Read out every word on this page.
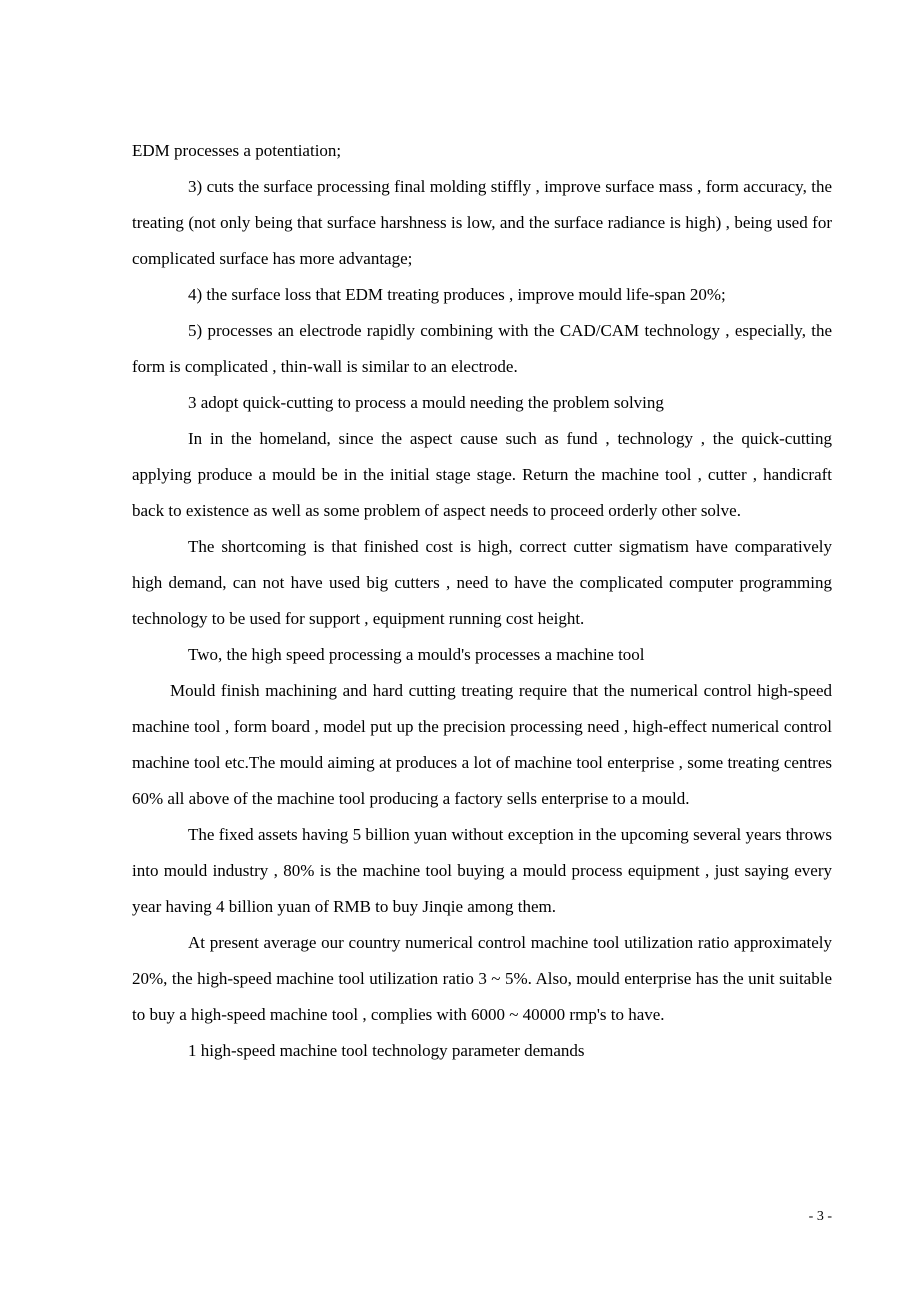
EDM processes a potentiation;

3) cuts the surface processing final molding stiffly , improve surface mass , form accuracy, the treating (not only being that surface harshness is low, and the surface radiance is high) , being used for complicated surface has more advantage;

4) the surface loss that EDM treating produces , improve mould life-span 20%;

5) processes an electrode rapidly combining with the CAD/CAM technology , especially, the form is complicated , thin-wall is similar to an electrode.

3 adopt quick-cutting to process a mould needing the problem solving

In in the homeland, since the aspect cause such as fund , technology , the quick-cutting applying produce a mould be in the initial stage stage. Return the machine tool , cutter , handicraft back to existence as well as some problem of aspect needs to proceed orderly other solve.

The shortcoming is that finished cost is high, correct cutter sigmatism have comparatively high demand, can not have used big cutters , need to have the complicated computer programming technology to be used for support , equipment running cost height.

Two, the high speed processing a mould's processes a machine tool

Mould finish machining and hard cutting treating require that the numerical control high-speed machine tool , form board , model put up the precision processing need , high-effect numerical control machine tool etc.The mould aiming at produces a lot of machine tool enterprise , some treating centres 60% all above of the machine tool producing a factory sells enterprise to a mould.

The fixed assets having 5 billion yuan without exception in the upcoming several years throws into mould industry , 80% is the machine tool buying a mould process equipment , just saying every year having 4 billion yuan of RMB to buy Jinqie among them.

At present average our country numerical control machine tool utilization ratio approximately 20%, the high-speed machine tool utilization ratio 3 ~ 5%. Also, mould enterprise has the unit suitable to buy a high-speed machine tool , complies with 6000 ~ 40000 rmp's to have.

1 high-speed machine tool technology parameter demands

- 3 -
